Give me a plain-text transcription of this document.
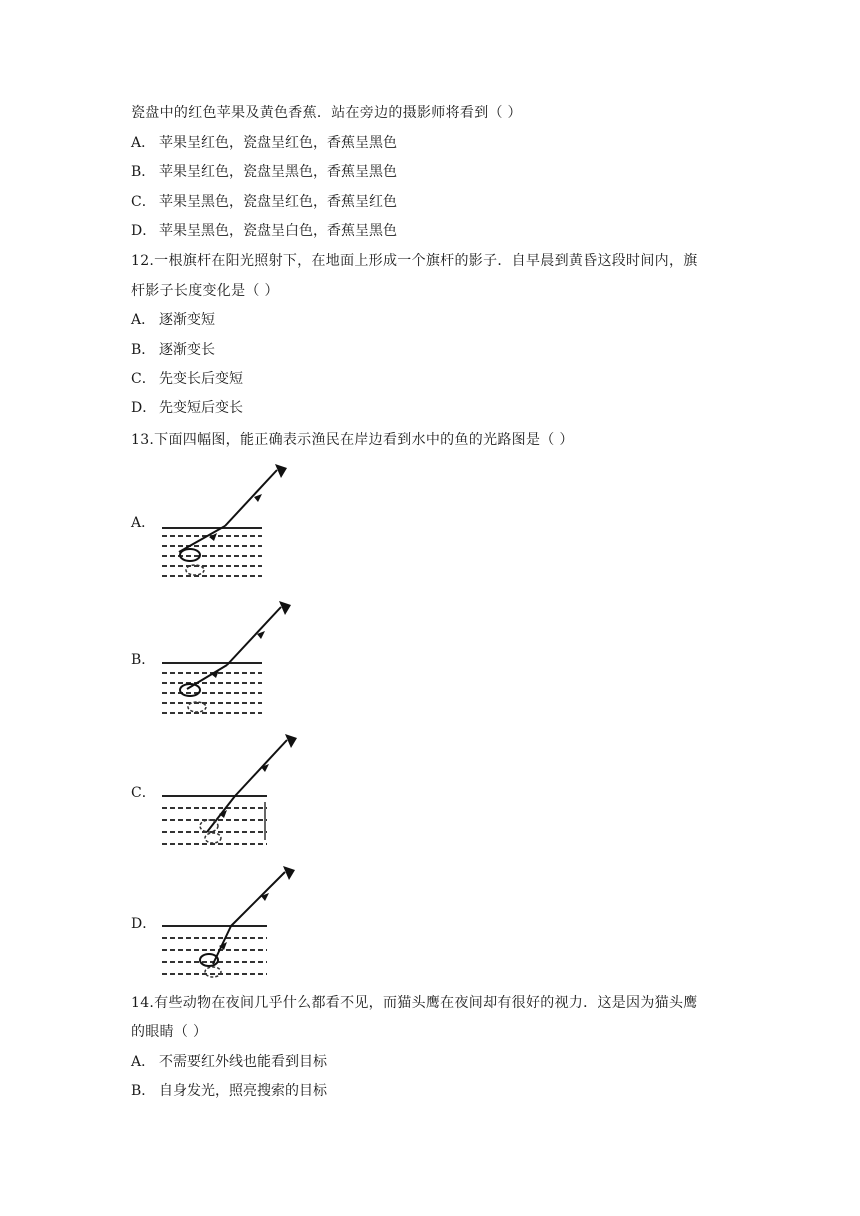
瓷盘中的红色苹果及黄色香蕉．站在旁边的摄影师将看到（ ）
A． 苹果呈红色，瓷盘呈红色，香蕉呈黑色
B． 苹果呈红色，瓷盘呈黑色，香蕉呈黑色
C． 苹果呈黑色，瓷盘呈红色，香蕉呈红色
D． 苹果呈黑色，瓷盘呈白色，香蕉呈黑色
12.一根旗杆在阳光照射下，在地面上形成一个旗杆的影子．自早晨到黄昏这段时间内，旗
杆影子长度变化是（ ）
A． 逐渐变短
B． 逐渐变长
C． 先变长后变短
D． 先变短后变长
13.下面四幅图，能正确表示渔民在岸边看到水中的鱼的光路图是（ ）
A．
B．
C．
D．
14.有些动物在夜间几乎什么都看不见，而猫头鹰在夜间却有很好的视力．这是因为猫头鹰
的眼睛（ ）
A． 不需要红外线也能看到目标
B． 自身发光，照亮搜索的目标
